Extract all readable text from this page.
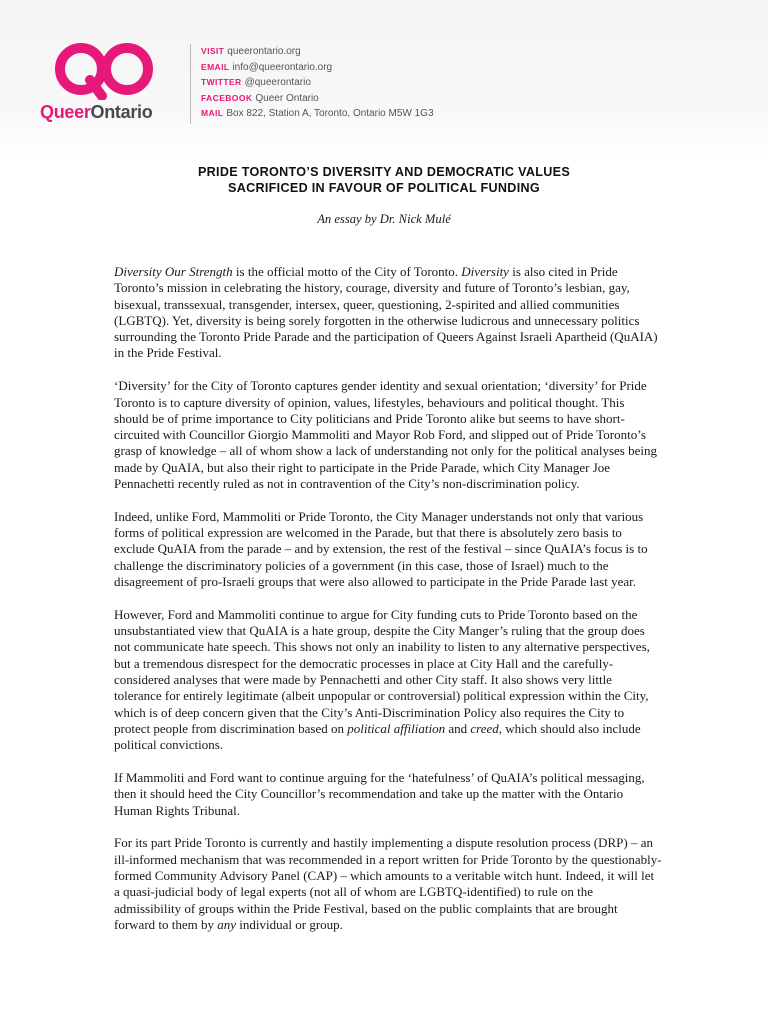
QueerOntario
VISIT queerontario.org
EMAIL info@queerontario.org
TWITTER @queerontario
FACEBOOK Queer Ontario
MAIL Box 822, Station A, Toronto, Ontario M5W 1G3
PRIDE TORONTO’S DIVERSITY AND DEMOCRATIC VALUES
SACRIFICED IN FAVOUR OF POLITICAL FUNDING
An essay by Dr. Nick Mulé

Diversity Our Strength is the official motto of the City of Toronto. Diversity is also cited in Pride Toronto’s mission in celebrating the history, courage, diversity and future of Toronto’s lesbian, gay, bisexual, transsexual, transgender, intersex, queer, questioning, 2-spirited and allied communities (LGBTQ). Yet, diversity is being sorely forgotten in the otherwise ludicrous and unnecessary politics surrounding the Toronto Pride Parade and the participation of Queers Against Israeli Apartheid (QuAIA) in the Pride Festival.

‘Diversity’ for the City of Toronto captures gender identity and sexual orientation; ‘diversity’ for Pride Toronto is to capture diversity of opinion, values, lifestyles, behaviours and political thought. This should be of prime importance to City politicians and Pride Toronto alike but seems to have short-circuited with Councillor Giorgio Mammoliti and Mayor Rob Ford, and slipped out of Pride Toronto’s grasp of knowledge – all of whom show a lack of understanding not only for the political analyses being made by QuAIA, but also their right to participate in the Pride Parade, which City Manager Joe Pennachetti recently ruled as not in contravention of the City’s non-discrimination policy.

Indeed, unlike Ford, Mammoliti or Pride Toronto, the City Manager understands not only that various forms of political expression are welcomed in the Parade, but that there is absolutely zero basis to exclude QuAIA from the parade – and by extension, the rest of the festival – since QuAIA’s focus is to challenge the discriminatory policies of a government (in this case, those of Israel) much to the disagreement of pro-Israeli groups that were also allowed to participate in the Pride Parade last year.

However, Ford and Mammoliti continue to argue for City funding cuts to Pride Toronto based on the unsubstantiated view that QuAIA is a hate group, despite the City Manger’s ruling that the group does not communicate hate speech. This shows not only an inability to listen to any alternative perspectives, but a tremendous disrespect for the democratic processes in place at City Hall and the carefully-considered analyses that were made by Pennachetti and other City staff. It also shows very little tolerance for entirely legitimate (albeit unpopular or controversial) political expression within the City, which is of deep concern given that the City’s Anti-Discrimination Policy also requires the City to protect people from discrimination based on political affiliation and creed, which should also include political convictions.

If Mammoliti and Ford want to continue arguing for the ‘hatefulness’ of QuAIA’s political messaging, then it should heed the City Councillor’s recommendation and take up the matter with the Ontario Human Rights Tribunal.

For its part Pride Toronto is currently and hastily implementing a dispute resolution process (DRP) – an ill-informed mechanism that was recommended in a report written for Pride Toronto by the questionably-formed Community Advisory Panel (CAP) – which amounts to a veritable witch hunt. Indeed, it will let a quasi-judicial body of legal experts (not all of whom are LGBTQ-identified) to rule on the admissibility of groups within the Pride Festival, based on the public complaints that are brought forward to them by any individual or group.
